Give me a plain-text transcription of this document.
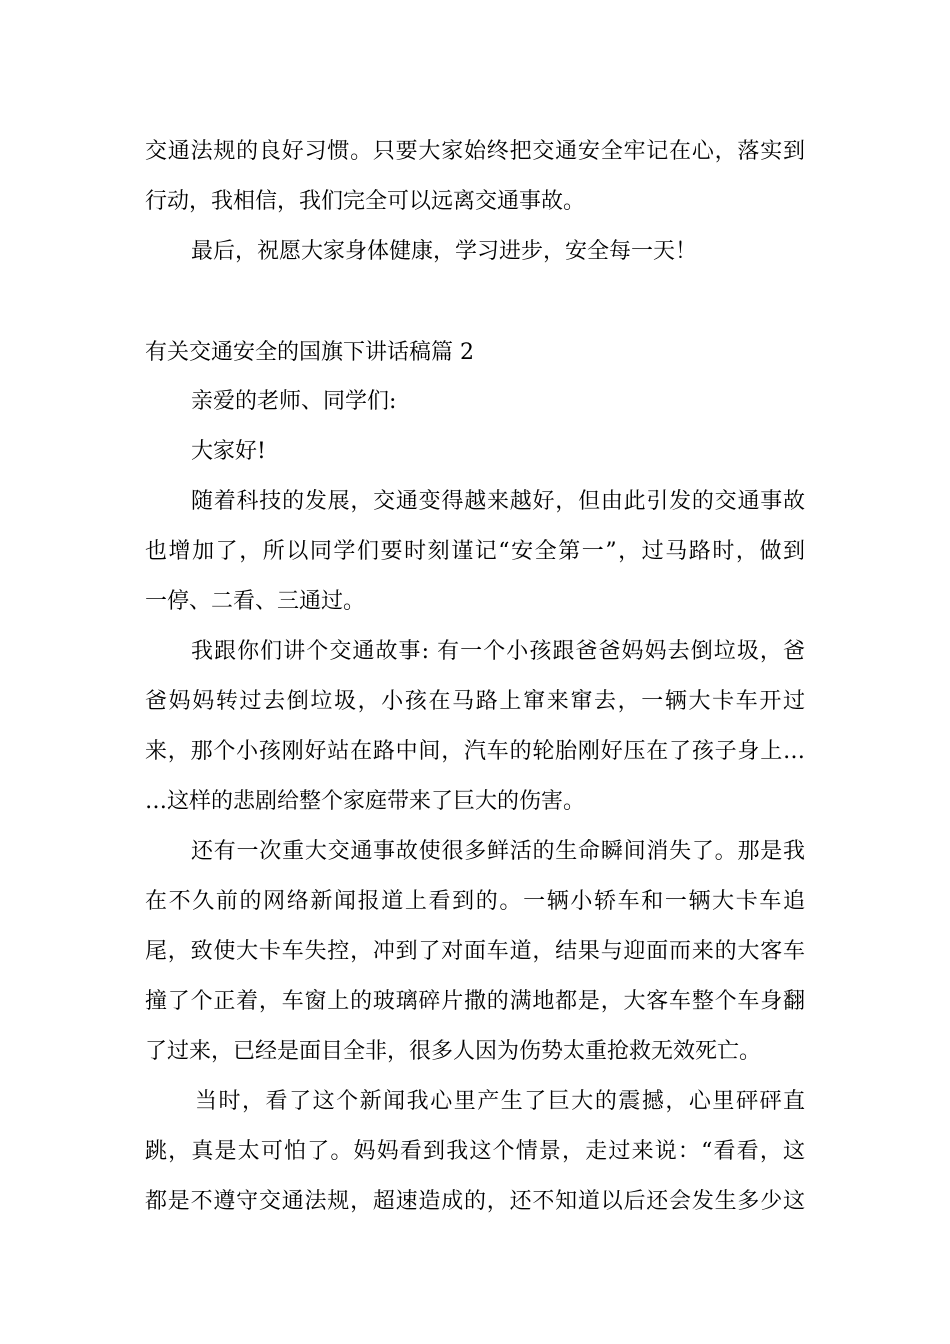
交通法规的良好习惯。只要大家始终把交通安全牢记在心，落实到
行动，我相信，我们完全可以远离交通事故。
最后，祝愿大家身体健康，学习进步，安全每一天！
有关交通安全的国旗下讲话稿篇 2
亲爱的老师、同学们:
大家好!
随着科技的发展，交通变得越来越好，但由此引发的交通事故
也增加了，所以同学们要时刻谨记“安全第一”，过马路时，做到
一停、二看、三通过。
我跟你们讲个交通故事: 有一个小孩跟爸爸妈妈去倒垃圾，爸
爸妈妈转过去倒垃圾，小孩在马路上窜来窜去，一辆大卡车开过
来，那个小孩刚好站在路中间，汽车的轮胎刚好压在了孩子身上…
…这样的悲剧给整个家庭带来了巨大的伤害。
还有一次重大交通事故使很多鲜活的生命瞬间消失了。那是我
在不久前的网络新闻报道上看到的。一辆小轿车和一辆大卡车追
尾，致使大卡车失控，冲到了对面车道，结果与迎面而来的大客车
撞了个正着，车窗上的玻璃碎片撒的满地都是，大客车整个车身翻
了过来，已经是面目全非，很多人因为伤势太重抢救无效死亡。
当时，看了这个新闻我心里产生了巨大的震撼，心里砰砰直
跳，真是太可怕了。妈妈看到我这个情景，走过来说：“看看，这
都是不遵守交通法规，超速造成的，还不知道以后还会发生多少这
